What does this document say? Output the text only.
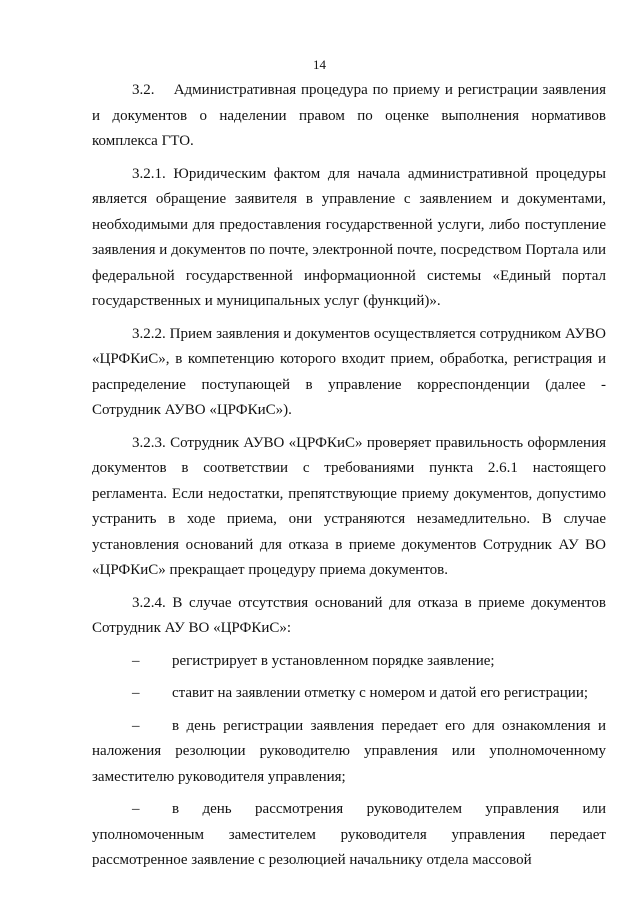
14

3.2.    Административная процедура по приему и регистрации заявления и документов о наделении правом по оценке выполнения нормативов комплекса ГТО.

3.2.1. Юридическим фактом для начала административной процедуры является обращение заявителя в управление с заявлением и документами, необходимыми для предоставления государственной услуги, либо поступление заявления и документов по почте, электронной почте, посредством Портала или федеральной государственной информационной системы «Единый портал государственных и муниципальных услуг (функций)».

3.2.2. Прием заявления и документов осуществляется сотрудником АУВО «ЦРФКиС», в компетенцию которого входит прием, обработка, регистрация и распределение поступающей в управление корреспонденции (далее - Сотрудник АУВО «ЦРФКиС»).

3.2.3. Сотрудник АУВО «ЦРФКиС» проверяет правильность оформления документов в соответствии с требованиями пункта 2.6.1 настоящего регламента. Если недостатки, препятствующие приему документов, допустимо устранить в ходе приема, они устраняются незамедлительно. В случае установления оснований для отказа в приеме документов Сотрудник АУ ВО «ЦРФКиС» прекращает процедуру приема документов.

3.2.4. В случае отсутствия оснований для отказа в приеме документов Сотрудник АУ ВО «ЦРФКиС»:

– регистрирует в установленном порядке заявление;

– ставит на заявлении отметку с номером и датой его регистрации;

– в день регистрации заявления передает его для ознакомления и наложения резолюции руководителю управления или уполномоченному заместителю руководителя управления;

– в день рассмотрения руководителем управления или уполномоченным заместителем руководителя управления передает рассмотренное заявление с резолюцией начальнику отдела массовой
